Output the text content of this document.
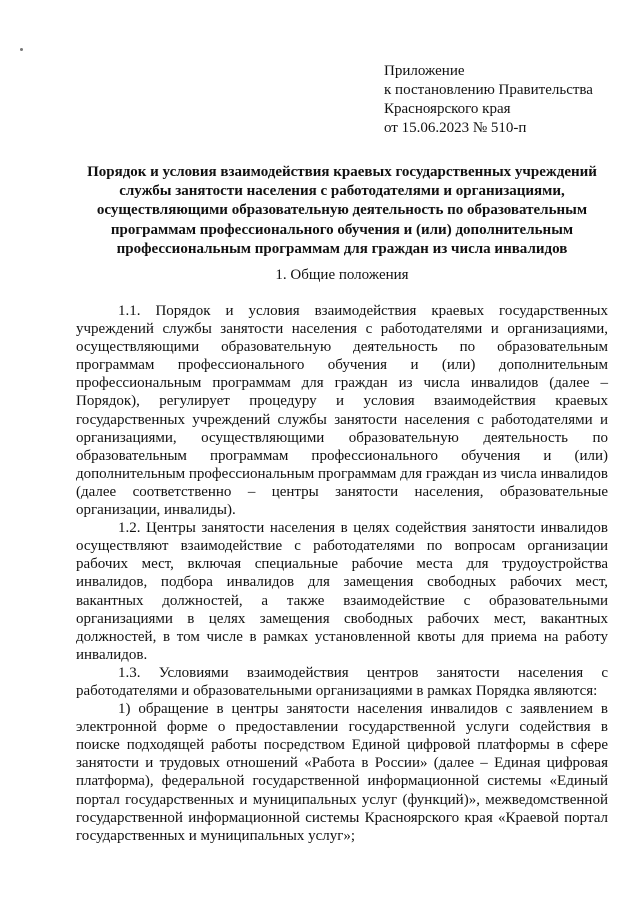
Приложение
к постановлению Правительства
Красноярского края
от 15.06.2023 № 510-п
Порядок и условия взаимодействия краевых государственных учреждений службы занятости населения с работодателями и организациями, осуществляющими образовательную деятельность по образовательным программам профессионального обучения и (или) дополнительным профессиональным программам для граждан из числа инвалидов
1. Общие положения

1.1. Порядок и условия взаимодействия краевых государственных учреждений службы занятости населения с работодателями и организациями, осуществляющими образовательную деятельность по образовательным программам профессионального обучения и (или) дополнительным профессиональным программам для граждан из числа инвалидов (далее – Порядок), регулирует процедуру и условия взаимодействия краевых государственных учреждений службы занятости населения с работодателями и организациями, осуществляющими образовательную деятельность по образовательным программам профессионального обучения и (или) дополнительным профессиональным программам для граждан из числа инвалидов (далее соответственно – центры занятости населения, образовательные организации, инвалиды).

1.2. Центры занятости населения в целях содействия занятости инвалидов осуществляют взаимодействие с работодателями по вопросам организации рабочих мест, включая специальные рабочие места для трудоустройства инвалидов, подбора инвалидов для замещения свободных рабочих мест, вакантных должностей, а также взаимодействие с образовательными организациями в целях замещения свободных рабочих мест, вакантных должностей, в том числе в рамках установленной квоты для приема на работу инвалидов.

1.3. Условиями взаимодействия центров занятости населения с работодателями и образовательными организациями в рамках Порядка являются:

1) обращение в центры занятости населения инвалидов с заявлением в электронной форме о предоставлении государственной услуги содействия в поиске подходящей работы посредством Единой цифровой платформы в сфере занятости и трудовых отношений «Работа в России» (далее – Единая цифровая платформа), федеральной государственной информационной системы «Единый портал государственных и муниципальных услуг (функций)», межведомственной государственной информационной системы Красноярского края «Краевой портал государственных и муниципальных услуг»;
